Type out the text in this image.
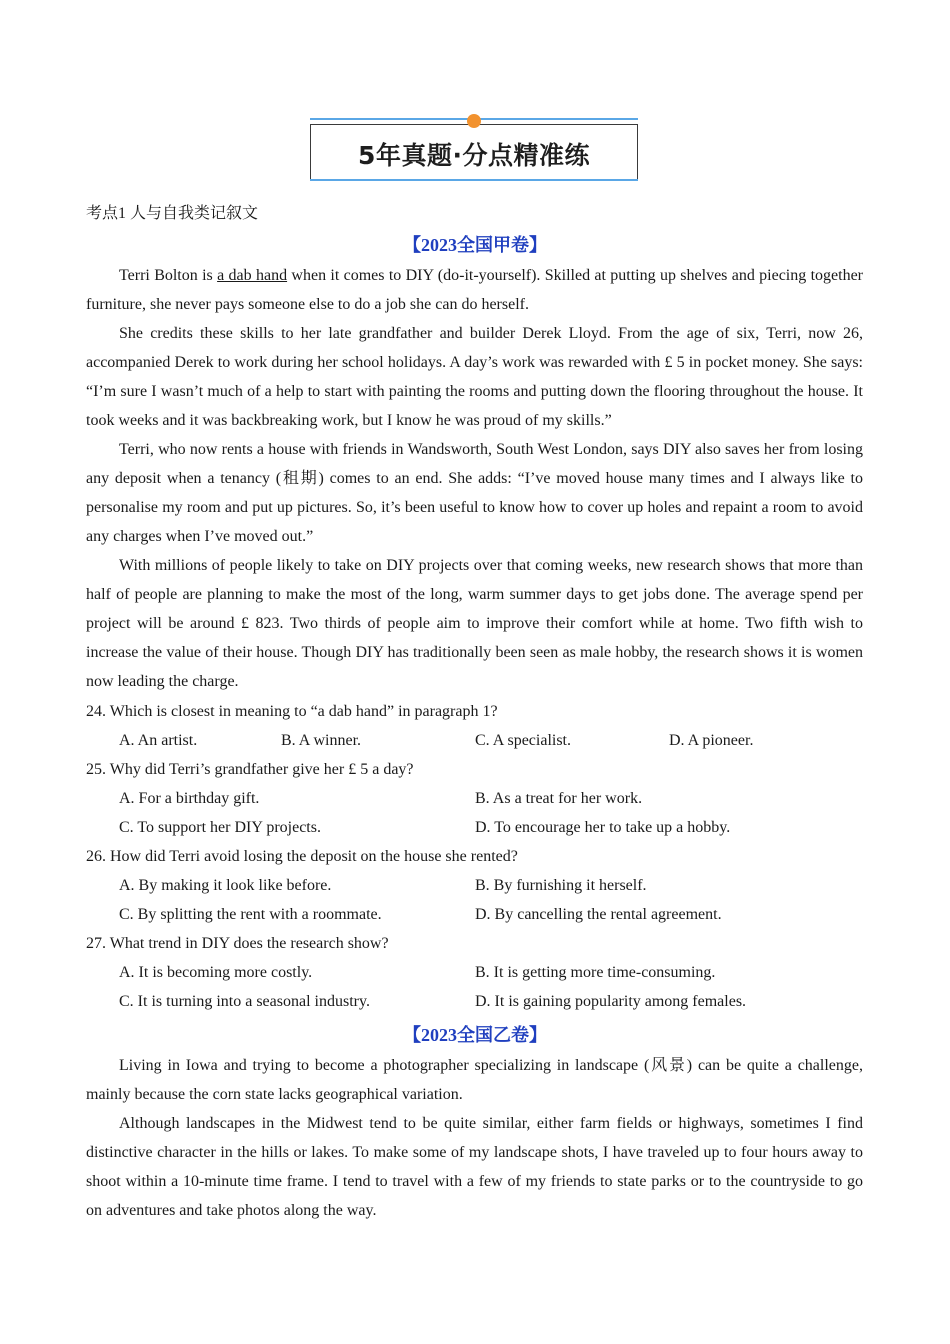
5年真题·分点精准练
考点1 人与自我类记叙文
【2023全国甲卷】

Terri Bolton is a dab hand when it comes to DIY (do-it-yourself). Skilled at putting up shelves and piecing together furniture, she never pays someone else to do a job she can do herself.

She credits these skills to her late grandfather and builder Derek Lloyd. From the age of six, Terri, now 26, accompanied Derek to work during her school holidays. A day’s work was rewarded with £ 5 in pocket money. She says: “I’m sure I wasn’t much of a help to start with painting the rooms and putting down the flooring throughout the house. It took weeks and it was backbreaking work, but I know he was proud of my skills.”

Terri, who now rents a house with friends in Wandsworth, South West London, says DIY also saves her from losing any deposit when a tenancy (租期) comes to an end. She adds: “I’ve moved house many times and I always like to personalise my room and put up pictures. So, it’s been useful to know how to cover up holes and repaint a room to avoid any charges when I’ve moved out.”

With millions of people likely to take on DIY projects over that coming weeks, new research shows that more than half of people are planning to make the most of the long, warm summer days to get jobs done. The average spend per project will be around £ 823. Two thirds of people aim to improve their comfort while at home. Two fifth wish to increase the value of their house. Though DIY has traditionally been seen as male hobby, the research shows it is women now leading the charge.

24. Which is closest in meaning to “a dab hand” in paragraph 1?
A. An artist.	B. A winner.	C. A specialist.	D. A pioneer.
25. Why did Terri’s grandfather give her £ 5 a day?
A. For a birthday gift.	B. As a treat for her work.
C. To support her DIY projects.	D. To encourage her to take up a hobby.
26. How did Terri avoid losing the deposit on the house she rented?
A. By making it look like before.	B. By furnishing it herself.
C. By splitting the rent with a roommate.	D. By cancelling the rental agreement.
27. What trend in DIY does the research show?
A. It is becoming more costly.	B. It is getting more time-consuming.
C. It is turning into a seasonal industry.	D. It is gaining popularity among females.
【2023全国乙卷】

Living in Iowa and trying to become a photographer specializing in landscape (风景) can be quite a challenge, mainly because the corn state lacks geographical variation.

Although landscapes in the Midwest tend to be quite similar, either farm fields or highways, sometimes I find distinctive character in the hills or lakes. To make some of my landscape shots, I have traveled up to four hours away to shoot within a 10-minute time frame. I tend to travel with a few of my friends to state parks or to the countryside to go on adventures and take photos along the way.
